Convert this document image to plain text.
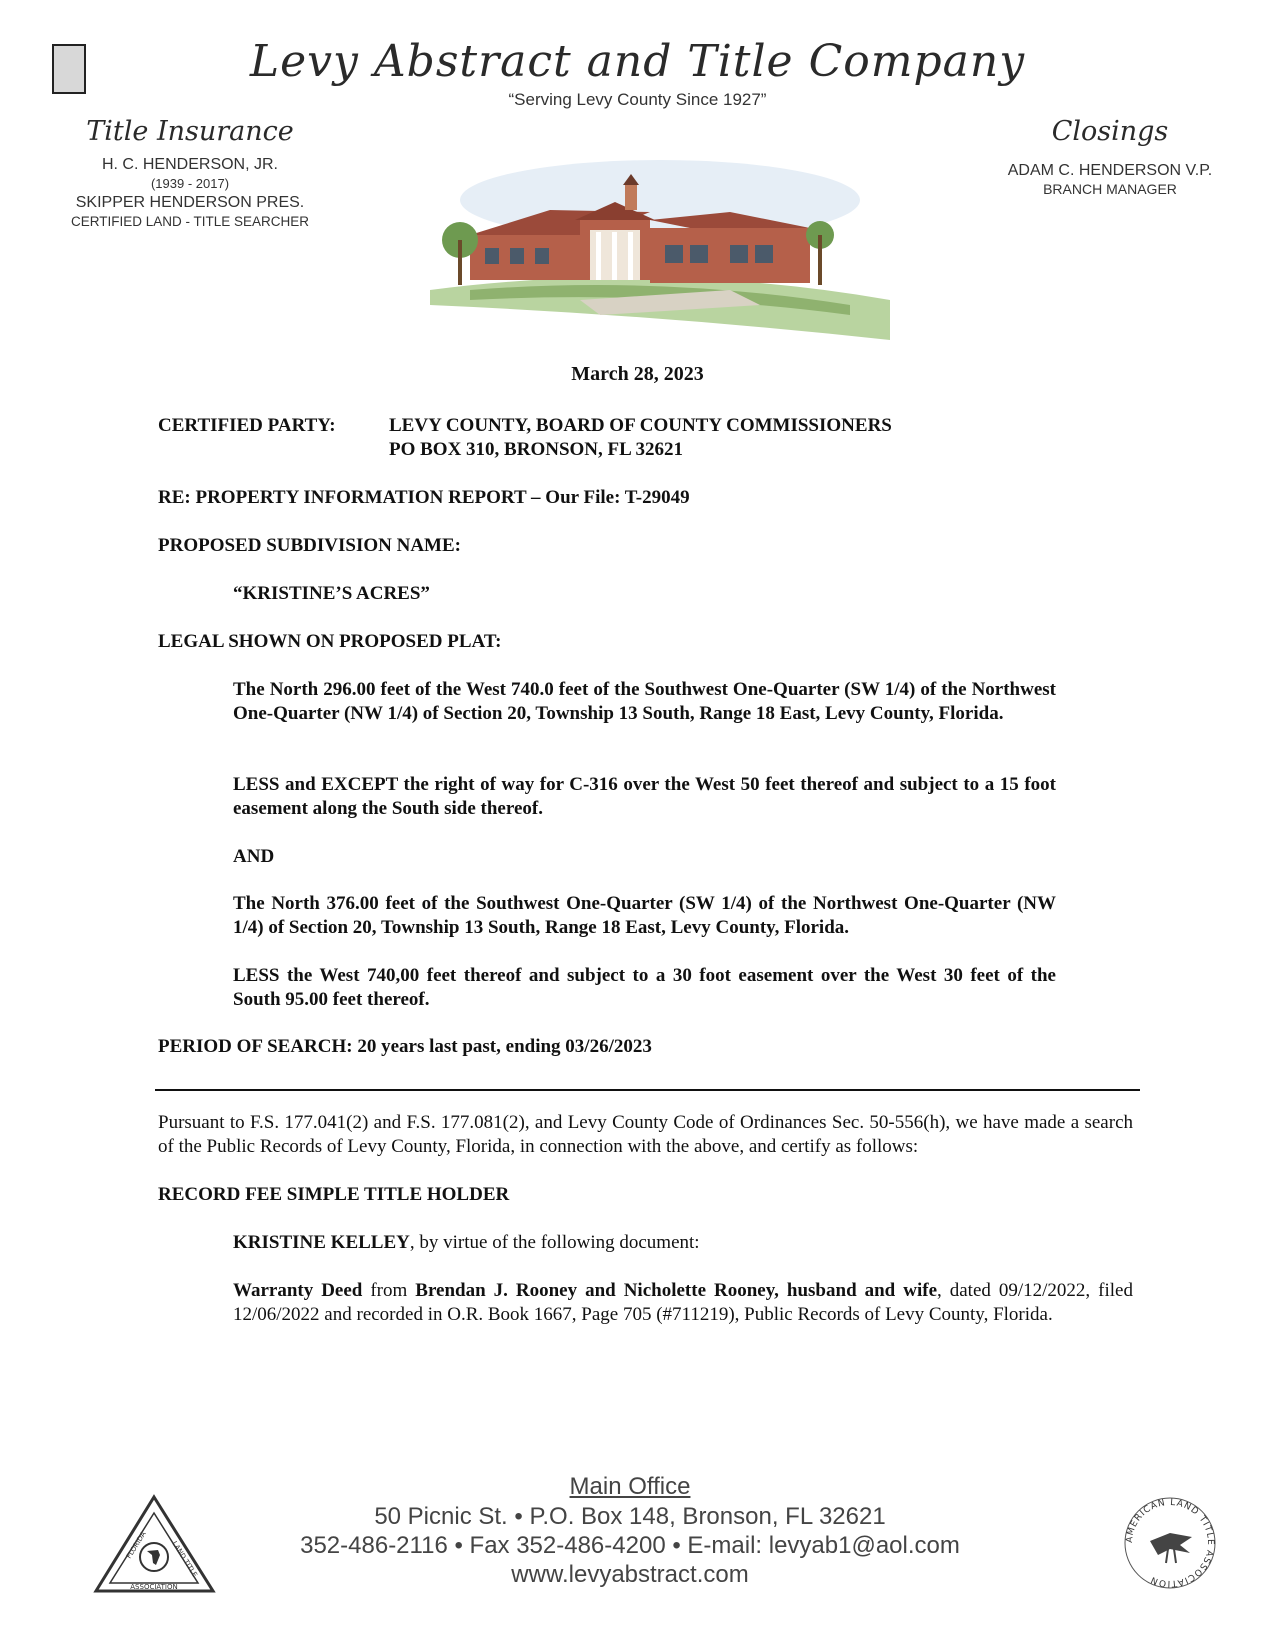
Levy Abstract and Title Company
“Serving Levy County Since 1927”
Title Insurance
H. C. HENDERSON, JR.
(1939 - 2017)
SKIPPER HENDERSON PRES.
CERTIFIED LAND - TITLE SEARCHER
Closings
ADAM C. HENDERSON V.P.
BRANCH MANAGER
March 28, 2023
CERTIFIED PARTY:	LEVY COUNTY, BOARD OF COUNTY COMMISSIONERS
PO BOX 310, BRONSON, FL 32621
RE: PROPERTY INFORMATION REPORT – Our File: T-29049
PROPOSED SUBDIVISION NAME:
“KRISTINE’S ACRES”
LEGAL SHOWN ON PROPOSED PLAT:
The North 296.00 feet of the West 740.0 feet of the Southwest One-Quarter (SW 1/4) of the Northwest One-Quarter (NW 1/4) of Section 20, Township 13 South, Range 18 East, Levy County, Florida.
LESS and EXCEPT the right of way for C-316 over the West 50 feet thereof and subject to a 15 foot easement along the South side thereof.
AND
The North 376.00 feet of the Southwest One-Quarter (SW 1/4) of the Northwest One-Quarter (NW 1/4) of Section 20, Township 13 South, Range 18 East, Levy County, Florida.
LESS the West 740,00 feet thereof and subject to a 30 foot easement over the West 30 feet of the South 95.00 feet thereof.
PERIOD OF SEARCH: 20 years last past, ending 03/26/2023
Pursuant to F.S. 177.041(2) and F.S. 177.081(2), and Levy County Code of Ordinances Sec. 50-556(h), we have made a search of the Public Records of Levy County, Florida, in connection with the above, and certify as follows:
RECORD FEE SIMPLE TITLE HOLDER
KRISTINE KELLEY, by virtue of the following document:
Warranty Deed from Brendan J. Rooney and Nicholette Rooney, husband and wife, dated 09/12/2022, filed 12/06/2022 and recorded in O.R. Book 1667, Page 705 (#711219), Public Records of Levy County, Florida.
Main Office
50 Picnic St. • P.O. Box 148, Bronson, FL 32621
352-486-2116 • Fax 352-486-4200 • E-mail: levyab1@aol.com
www.levyabstract.com
FLORIDA	LAND TITLE
ASSOCIATION
AMERICAN LAND TITLE ASSOCIATION
